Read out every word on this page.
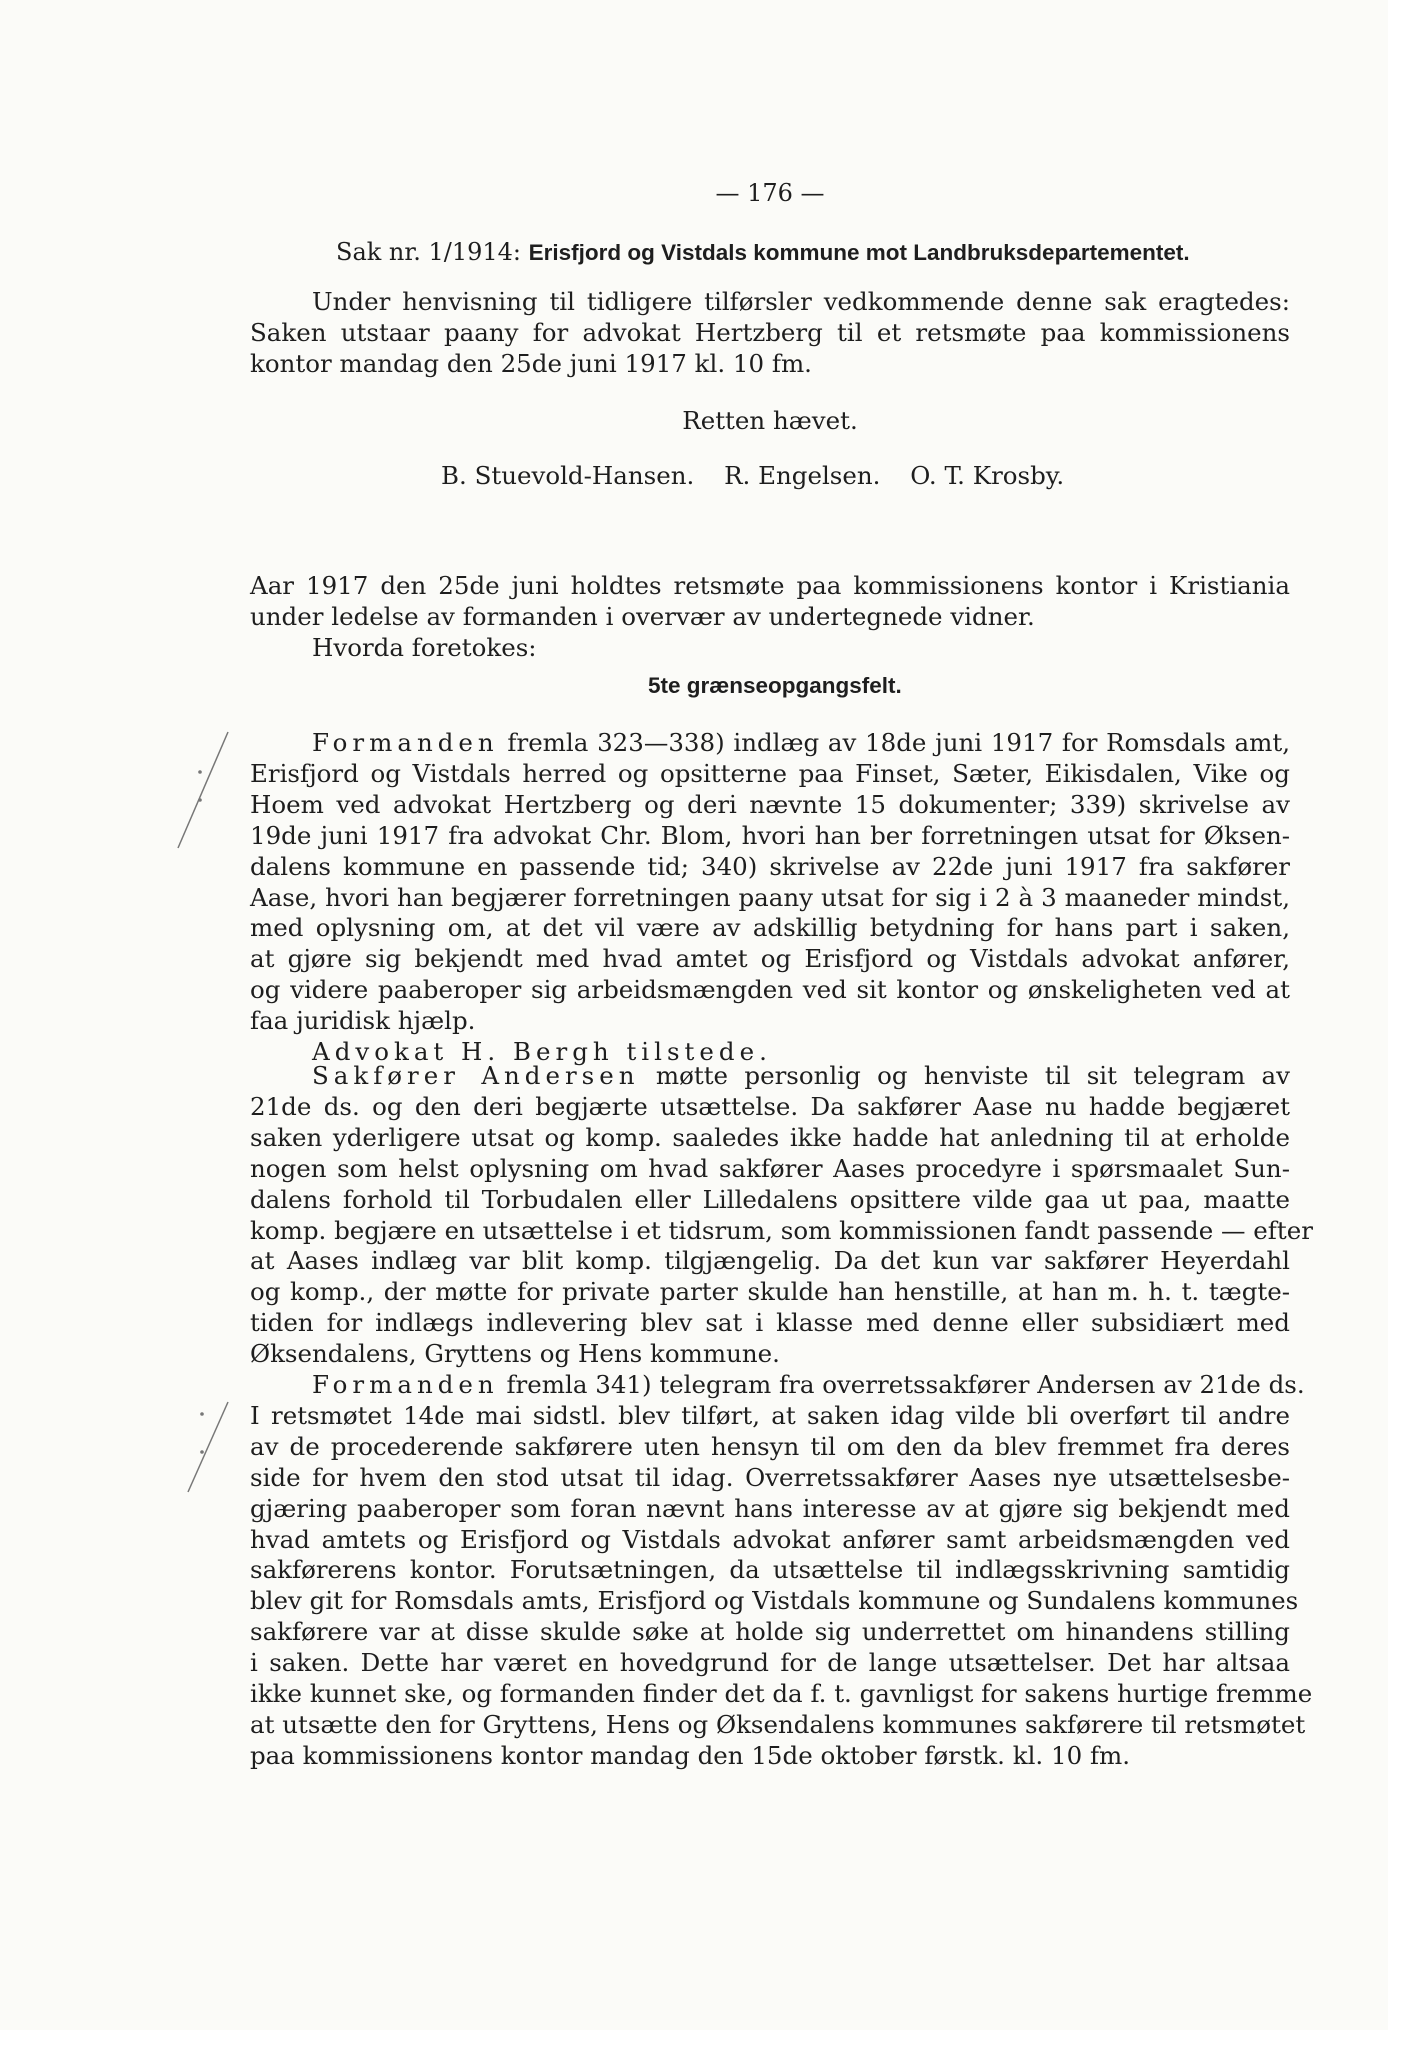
— 176 —
Sak nr. 1/1914: Erisfjord og Vistdals kommune mot Landbruksdepartementet.
Under henvisning til tidligere tilførsler vedkommende denne sak eragtedes:
Saken utstaar paany for advokat Hertzberg til et retsmøte paa kommissionens
kontor mandag den 25de juni 1917 kl. 10 fm.
Retten hævet.
B. Stuevold-Hansen. R. Engelsen. O. T. Krosby.
Aar 1917 den 25de juni holdtes retsmøte paa kommissionens kontor i Kristiania
under ledelse av formanden i overvær av undertegnede vidner.
Hvorda foretokes:
5te grænseopgangsfelt.
Formanden fremla 323—338) indlæg av 18de juni 1917 for Romsdals amt,
Erisfjord og Vistdals herred og opsitterne paa Finset, Sæter, Eikisdalen, Vike og
Hoem ved advokat Hertzberg og deri nævnte 15 dokumenter; 339) skrivelse av
19de juni 1917 fra advokat Chr. Blom, hvori han ber forretningen utsat for Øksen-
dalens kommune en passende tid; 340) skrivelse av 22de juni 1917 fra sakfører
Aase, hvori han begjærer forretningen paany utsat for sig i 2 à 3 maaneder mindst,
med oplysning om, at det vil være av adskillig betydning for hans part i saken,
at gjøre sig bekjendt med hvad amtet og Erisfjord og Vistdals advokat anfører,
og videre paaberoper sig arbeidsmængden ved sit kontor og ønskeligheten ved at
faa juridisk hjælp.
Advokat H. Bergh tilstede.
Sakfører Andersen møtte personlig og henviste til sit telegram av
21de ds. og den deri begjærte utsættelse. Da sakfører Aase nu hadde begjæret
saken yderligere utsat og komp. saaledes ikke hadde hat anledning til at erholde
nogen som helst oplysning om hvad sakfører Aases procedyre i spørsmaalet Sun-
dalens forhold til Torbudalen eller Lilledalens opsittere vilde gaa ut paa, maatte
komp. begjære en utsættelse i et tidsrum, som kommissionen fandt passende — efter
at Aases indlæg var blit komp. tilgjængelig. Da det kun var sakfører Heyerdahl
og komp., der møtte for private parter skulde han henstille, at han m. h. t. tægte-
tiden for indlægs indlevering blev sat i klasse med denne eller subsidiært med
Øksendalens, Gryttens og Hens kommune.
Formanden fremla 341) telegram fra overretssakfører Andersen av 21de ds.
I retsmøtet 14de mai sidstl. blev tilført, at saken idag vilde bli overført til andre
av de procederende sakførere uten hensyn til om den da blev fremmet fra deres
side for hvem den stod utsat til idag. Overretssakfører Aases nye utsættelsesbe-
gjæring paaberoper som foran nævnt hans interesse av at gjøre sig bekjendt med
hvad amtets og Erisfjord og Vistdals advokat anfører samt arbeidsmængden ved
sakførerens kontor. Forutsætningen, da utsættelse til indlægsskrivning samtidig
blev git for Romsdals amts, Erisfjord og Vistdals kommune og Sundalens kommunes
sakførere var at disse skulde søke at holde sig underrettet om hinandens stilling
i saken. Dette har været en hovedgrund for de lange utsættelser. Det har altsaa
ikke kunnet ske, og formanden finder det da f. t. gavnligst for sakens hurtige fremme
at utsætte den for Gryttens, Hens og Øksendalens kommunes sakførere til retsmøtet
paa kommissionens kontor mandag den 15de oktober førstk. kl. 10 fm.
